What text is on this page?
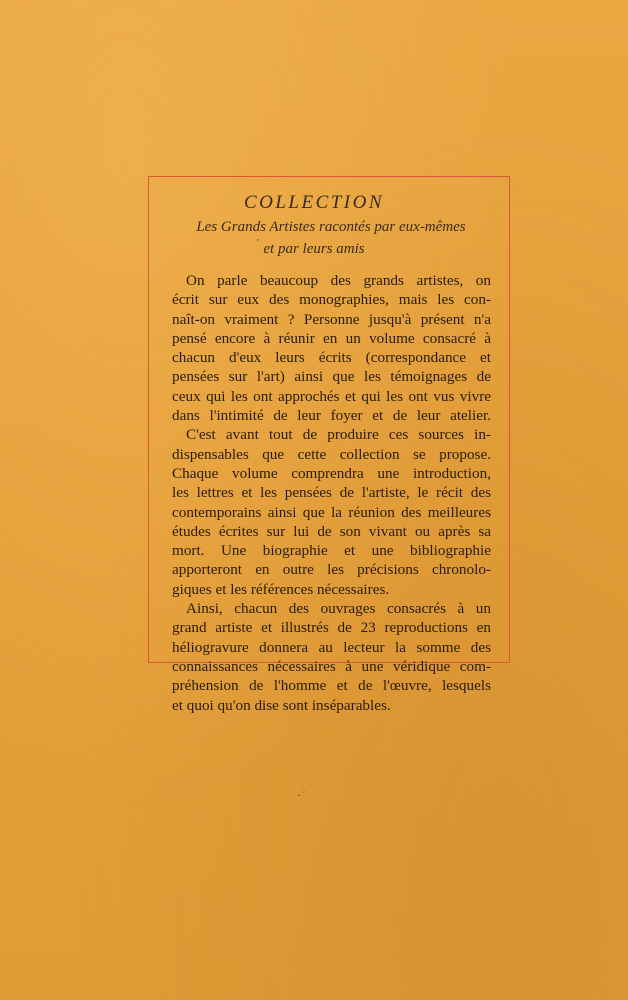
COLLECTION
Les Grands Artistes racontés par eux-mêmes
' et par leurs amis
On parle beaucoup des grands artistes, on
écrit sur eux des monographies, mais les con-
naît-on vraiment ? Personne jusqu'à présent n'a
pensé encore à réunir en un volume consacré à
chacun d'eux leurs écrits (correspondance et
pensées sur l'art) ainsi que les témoignages de
ceux qui les ont approchés et qui les ont vus vivre
dans l'intimité de leur foyer et de leur atelier.
C'est avant tout de produire ces sources in-
dispensables que cette collection se propose.
Chaque volume comprendra une introduction,
les lettres et les pensées de l'artiste, le récit des
contemporains ainsi que la réunion des meilleures
études écrites sur lui de son vivant ou après sa
mort. Une biographie et une bibliographie
apporteront en outre les précisions chronolo-
giques et les références nécessaires.
Ainsi, chacun des ouvrages consacrés à un
grand artiste et illustrés de 23 reproductions en
héliogravure donnera au lecteur la somme des
connaissances nécessaires à une véridique com-
préhension de l'homme et de l'œuvre, lesquels
et quoi qu'on dise sont inséparables.
·˙
